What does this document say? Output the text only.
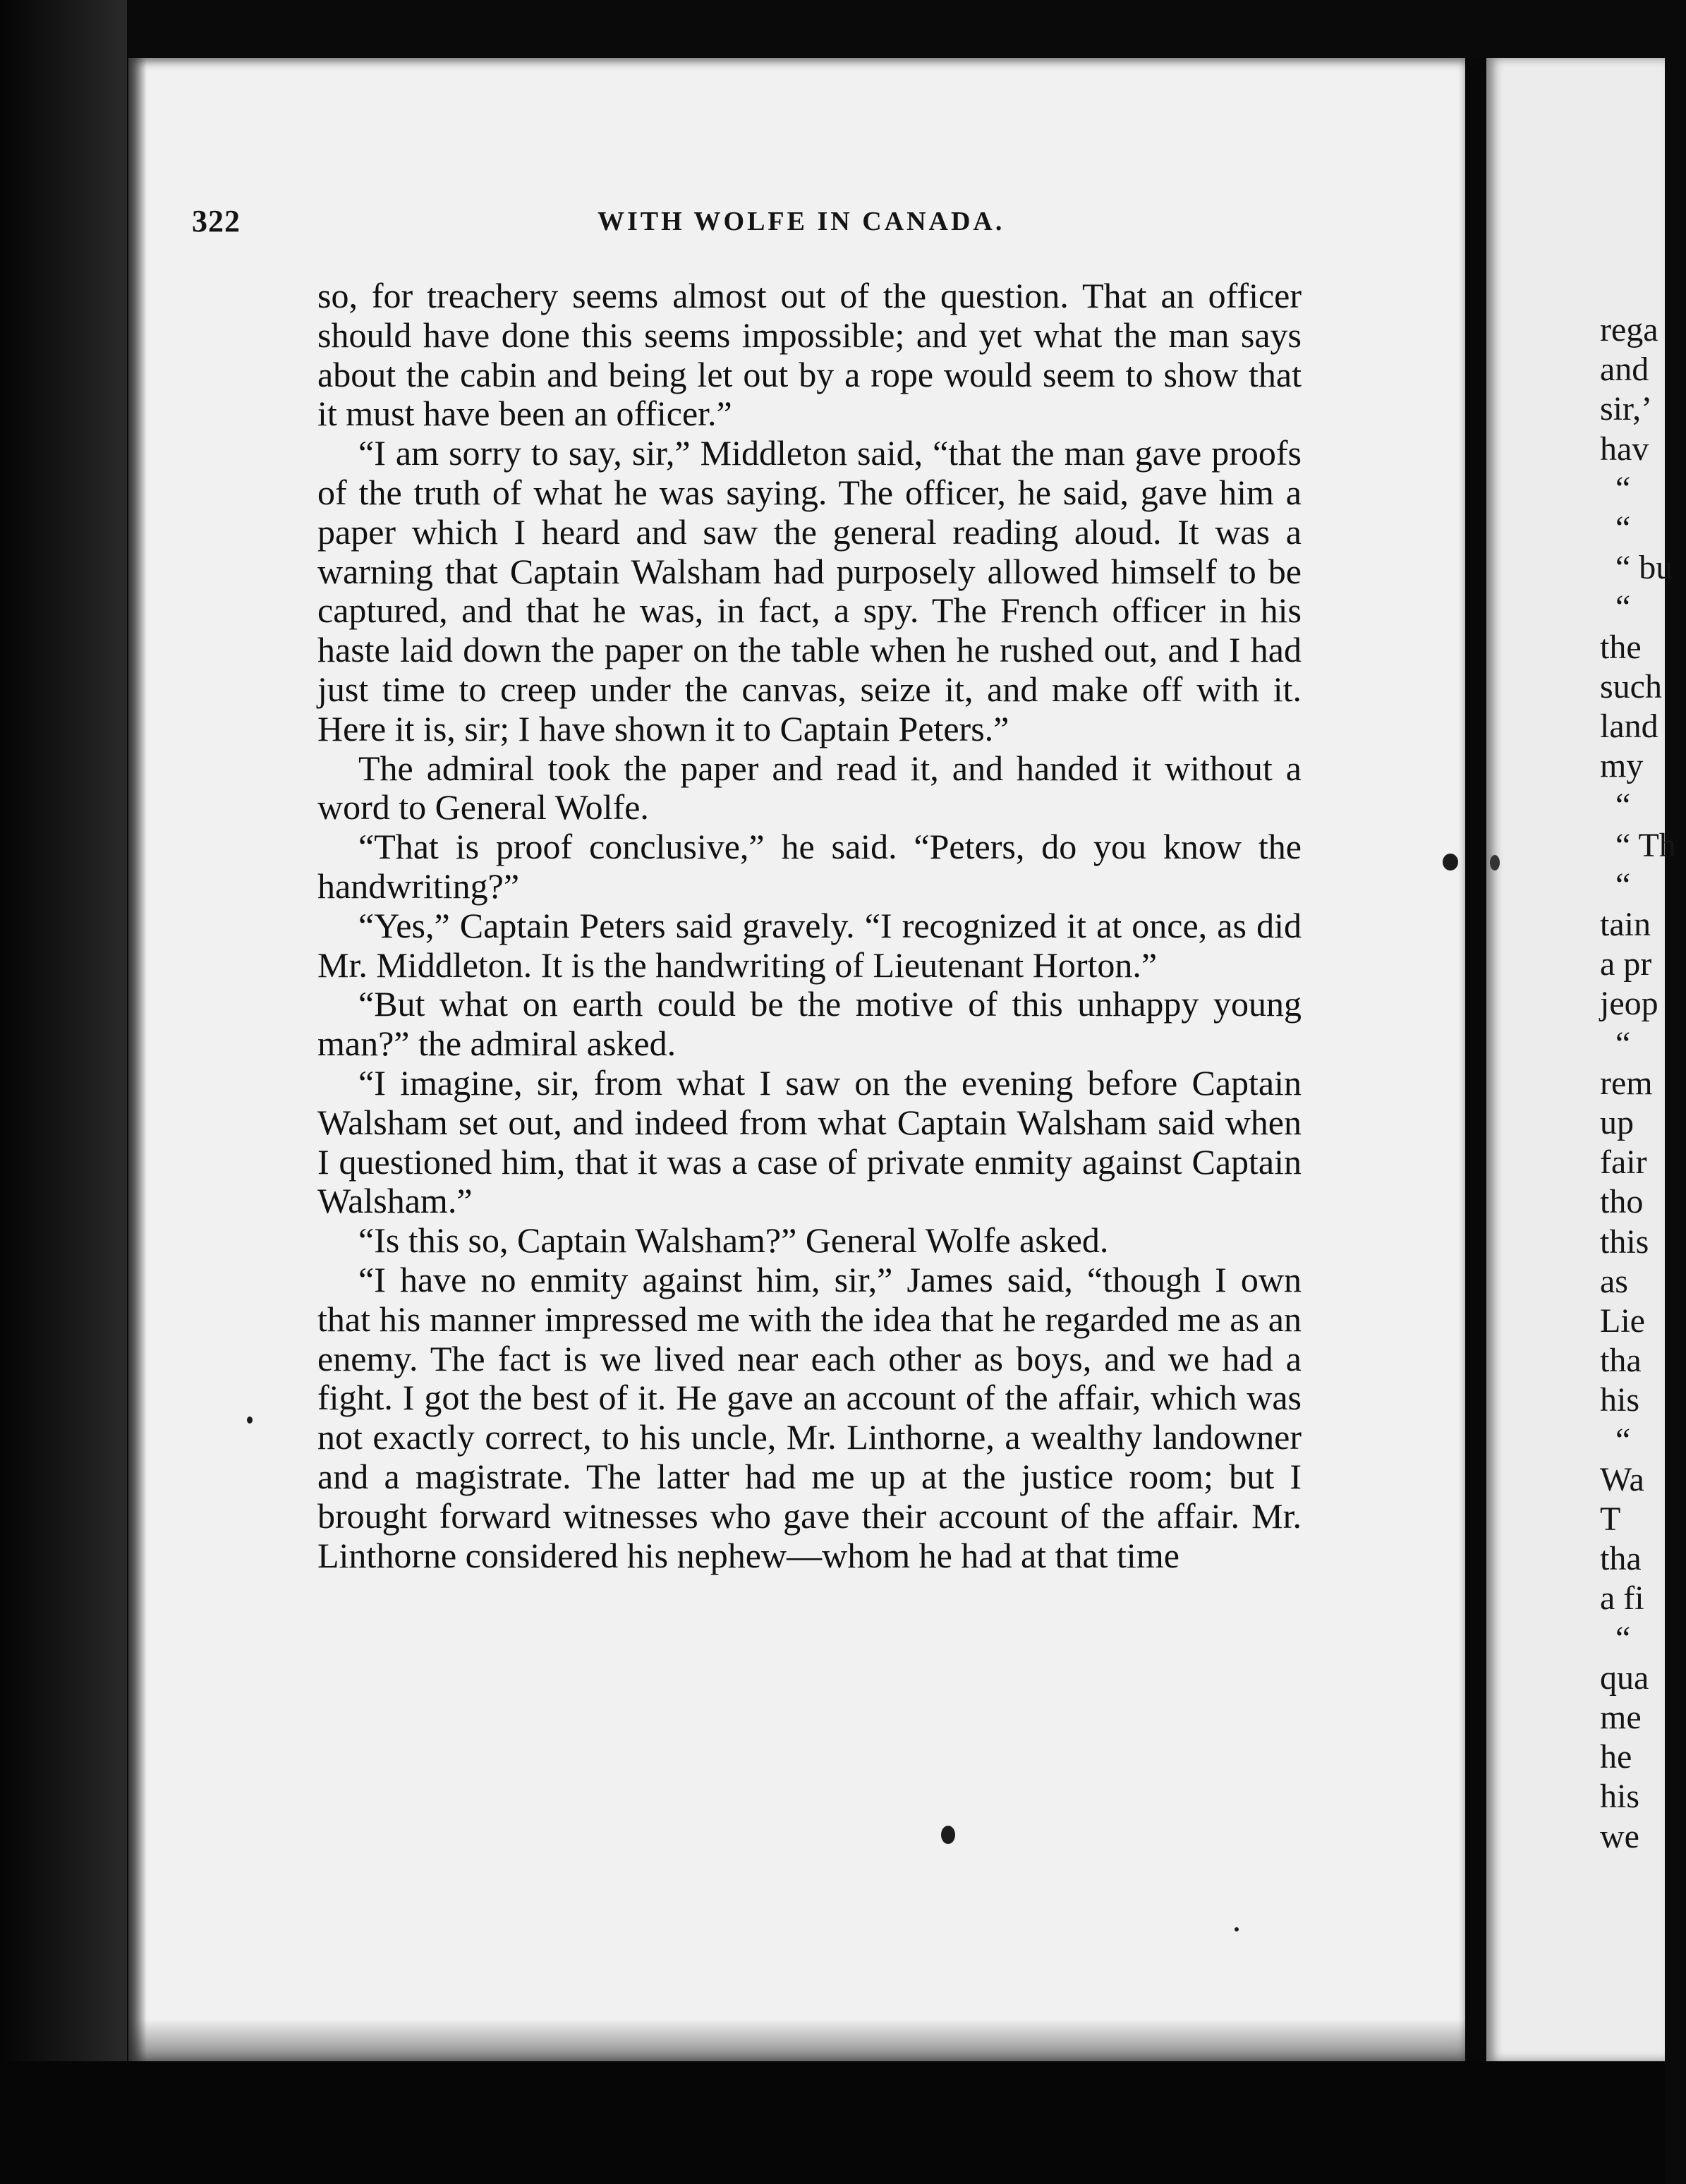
322	WITH WOLFE IN CANADA.

so, for treachery seems almost out of the question. That an officer should have done this seems impossible; and yet what the man says about the cabin and being let out by a rope would seem to show that it must have been an officer.”

“I am sorry to say, sir,” Middleton said, “that the man gave proofs of the truth of what he was saying. The officer, he said, gave him a paper which I heard and saw the general reading aloud. It was a warning that Captain Walsham had purposely allowed himself to be captured, and that he was, in fact, a spy. The French officer in his haste laid down the paper on the table when he rushed out, and I had just time to creep under the canvas, seize it, and make off with it. Here it is, sir; I have shown it to Captain Peters.”

The admiral took the paper and read it, and handed it without a word to General Wolfe.

“That is proof conclusive,” he said. “Peters, do you know the handwriting?”

“Yes,” Captain Peters said gravely. “I recognized it at once, as did Mr. Middleton. It is the handwriting of Lieutenant Horton.”

“But what on earth could be the motive of this unhappy young man?” the admiral asked.

“I imagine, sir, from what I saw on the evening before Captain Walsham set out, and indeed from what Captain Walsham said when I questioned him, that it was a case of private enmity against Captain Walsham.”

“Is this so, Captain Walsham?” General Wolfe asked.

“I have no enmity against him, sir,” James said, “though I own that his manner impressed me with the idea that he regarded me as an enemy. The fact is we lived near each other as boys, and we had a fight. I got the best of it. He gave an account of the affair, which was not exactly correct, to his uncle, Mr. Linthorne, a wealthy landowner and a magistrate. The latter had me up at the justice room; but I brought forward witnesses who gave their account of the affair. Mr. Linthorne considered his nephew—whom he had at that time

rega
and
sir,’
hav
“
“
“ bu
“
the
such
land
my
“
“ Th
“
tain
a pr
jeop
“
rem
up
fair
tho
this
as
Lie
tha
his
“
Wa
T
tha
a fi
“
qua
me
he
his
we
